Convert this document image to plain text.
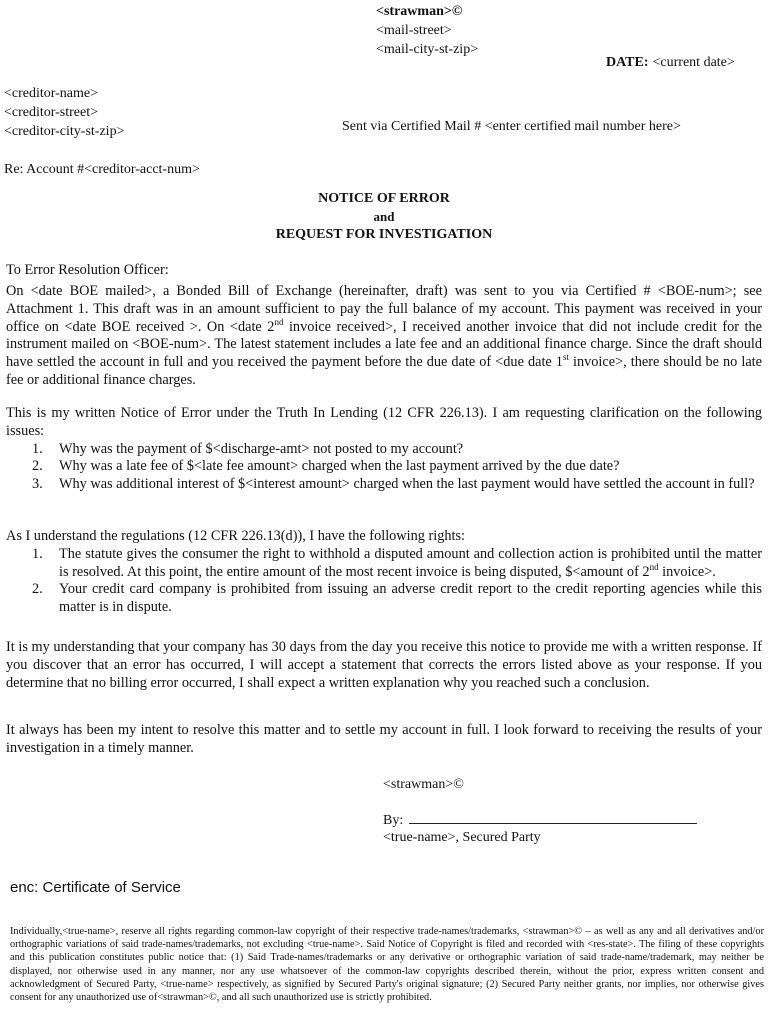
<strawman>©
<mail-street>
<mail-city-st-zip>
DATE: <current date>
<creditor-name>
<creditor-street>
<creditor-city-st-zip>	Sent via Certified Mail # <enter certified mail number here>
Re: Account #<creditor-acct-num>
NOTICE OF ERROR
and
REQUEST FOR INVESTIGATION
To Error Resolution Officer:

On <date BOE mailed>, a Bonded Bill of Exchange (hereinafter, draft) was sent to you via Certified # <BOE-num>; see Attachment 1. This draft was in an amount sufficient to pay the full balance of my account. This payment was received in your office on <date BOE received >. On <date 2nd invoice received>, I received another invoice that did not include credit for the instrument mailed on <BOE-num>. The latest statement includes a late fee and an additional finance charge. Since the draft should have settled the account in full and you received the payment before the due date of <due date 1st invoice>, there should be no late fee or additional finance charges.

This is my written Notice of Error under the Truth In Lending (12 CFR 226.13). I am requesting clarification on the following issues:

1. Why was the payment of $<discharge-amt> not posted to my account?
2. Why was a late fee of $<late fee amount> charged when the last payment arrived by the due date?
3. Why was additional interest of $<interest amount> charged when the last payment would have settled the account in full?

As I understand the regulations (12 CFR 226.13(d)), I have the following rights:

1. The statute gives the consumer the right to withhold a disputed amount and collection action is prohibited until the matter is resolved. At this point, the entire amount of the most recent invoice is being disputed, $<amount of 2nd invoice>.
2. Your credit card company is prohibited from issuing an adverse credit report to the credit reporting agencies while this matter is in dispute.
It is my understanding that your company has 30 days from the day you receive this notice to provide me with a written response. If you discover that an error has occurred, I will accept a statement that corrects the errors listed above as your response. If you determine that no billing error occurred, I shall expect a written explanation why you reached such a conclusion.
It always has been my intent to resolve this matter and to settle my account in full. I look forward to receiving the results of your investigation in a timely manner.
<strawman>©
By:
<true-name>, Secured Party
enc: Certificate of Service
Individually,<true-name>, reserve all rights regarding common-law copyright of their respective trade-names/trademarks, <strawman>© – as well as any and all derivatives and/or orthographic variations of said trade-names/trademarks, not excluding <true-name>. Said Notice of Copyright is filed and recorded with <res-state>. The filing of these copyrights and this publication constitutes public notice that: (1) Said Trade-names/trademarks or any derivative or orthographic variation of said trade-name/trademark, may neither be displayed, nor otherwise used in any manner, nor any use whatsoever of the common-law copyrights described therein, without the prior, express written consent and acknowledgment of Secured Party, <true-name> respectively, as signified by Secured Party's original signature; (2) Secured Party neither grants, nor implies, nor otherwise gives consent for any unauthorized use of<strawman>©, and all such unauthorized use is strictly prohibited.
